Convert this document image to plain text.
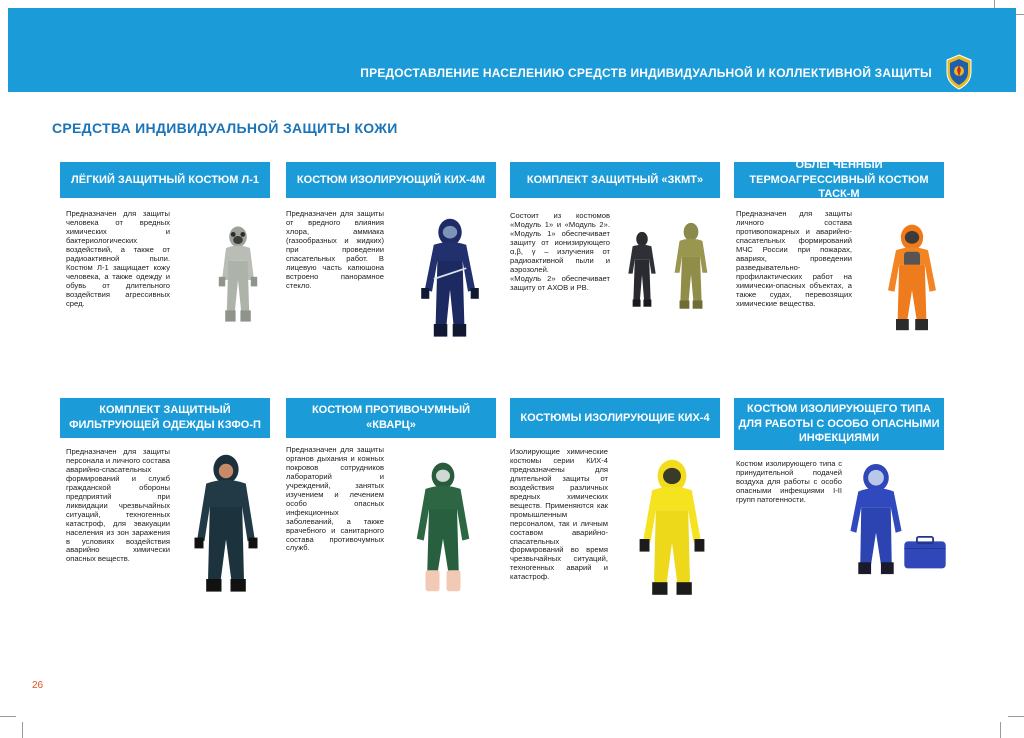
ПРЕДОСТАВЛЕНИЕ НАСЕЛЕНИЮ СРЕДСТВ ИНДИВИДУАЛЬНОЙ И КОЛЛЕКТИВНОЙ ЗАЩИТЫ
СРЕДСТВА ИНДИВИДУАЛЬНОЙ ЗАЩИТЫ КОЖИ
ЛЁГКИЙ ЗАЩИТНЫЙ КОСТЮМ Л-1
Предназначен для защиты человека от вредных химических и бактериологических воздействий, а также от радиоактивной пыли. Костюм Л-1 защищает кожу человека, а также одежду и обувь от длительного воздействия агрессивных сред.
КОСТЮМ ИЗОЛИРУЮЩИЙ КИХ-4М
Предназначен для защиты от вредного влияния хлора, аммиака (газообразных и жидких) при проведении спасательных работ. В лицевую часть капюшона встроено панорамное стекло.
КОМПЛЕКТ ЗАЩИТНЫЙ «ЗКМТ»
Состоит из костюмов «Модуль 1» и «Модуль 2». «Модуль 1» обеспечивает защиту от ионизирующего α,β, γ – излучения от радиоактивной пыли и аэрозолей.
«Модуль 2» обеспечивает защиту от АХОВ и РВ.
ОБЛЕГЧЕННЫЙ ТЕРМОАГРЕССИВНЫЙ КОСТЮМ ТАСК-М
Предназначен для защиты личного состава противопожарных и аварийно-спасательных формирований МЧС России при пожарах, авариях, проведении разведывательно-профилактических работ на химически-опасных объектах, а также судах, перевозящих химические вещества.
КОМПЛЕКТ ЗАЩИТНЫЙ ФИЛЬТРУЮЩЕЙ ОДЕЖДЫ КЗФО-П
Предназначен для защиты персонала и личного состава аварийно-спасательных формирований и служб гражданской обороны предприятий при ликвидации чрезвычайных ситуаций, техногенных катастроф, для эвакуации населения из зон заражения в условиях воздействия аварийно химически опасных веществ.
КОСТЮМ ПРОТИВОЧУМНЫЙ «КВАРЦ»
Предназначен для защиты органов дыхания и кожных покровов сотрудников лабораторий и учреждений, занятых изучением и лечением особо опасных инфекционных заболеваний, а также врачебного и санитарного состава противочумных служб.
КОСТЮМЫ ИЗОЛИРУЮЩИЕ КИХ-4
Изолирующие химические костюмы серии КИХ-4 предназначены для длительной защиты от воздействия различных вредных химических веществ. Применяются как промышленным персоналом, так и личным составом аварийно-спасательных формирований во время чрезвычайных ситуаций, техногенных аварий и катастроф.
КОСТЮМ ИЗОЛИРУЮЩЕГО ТИПА ДЛЯ РАБОТЫ С ОСОБО ОПАСНЫМИ ИНФЕКЦИЯМИ
Костюм изолирующего типа с принудительной подачей воздуха для работы с особо опасными инфекциями I-II групп патогенности.
26
